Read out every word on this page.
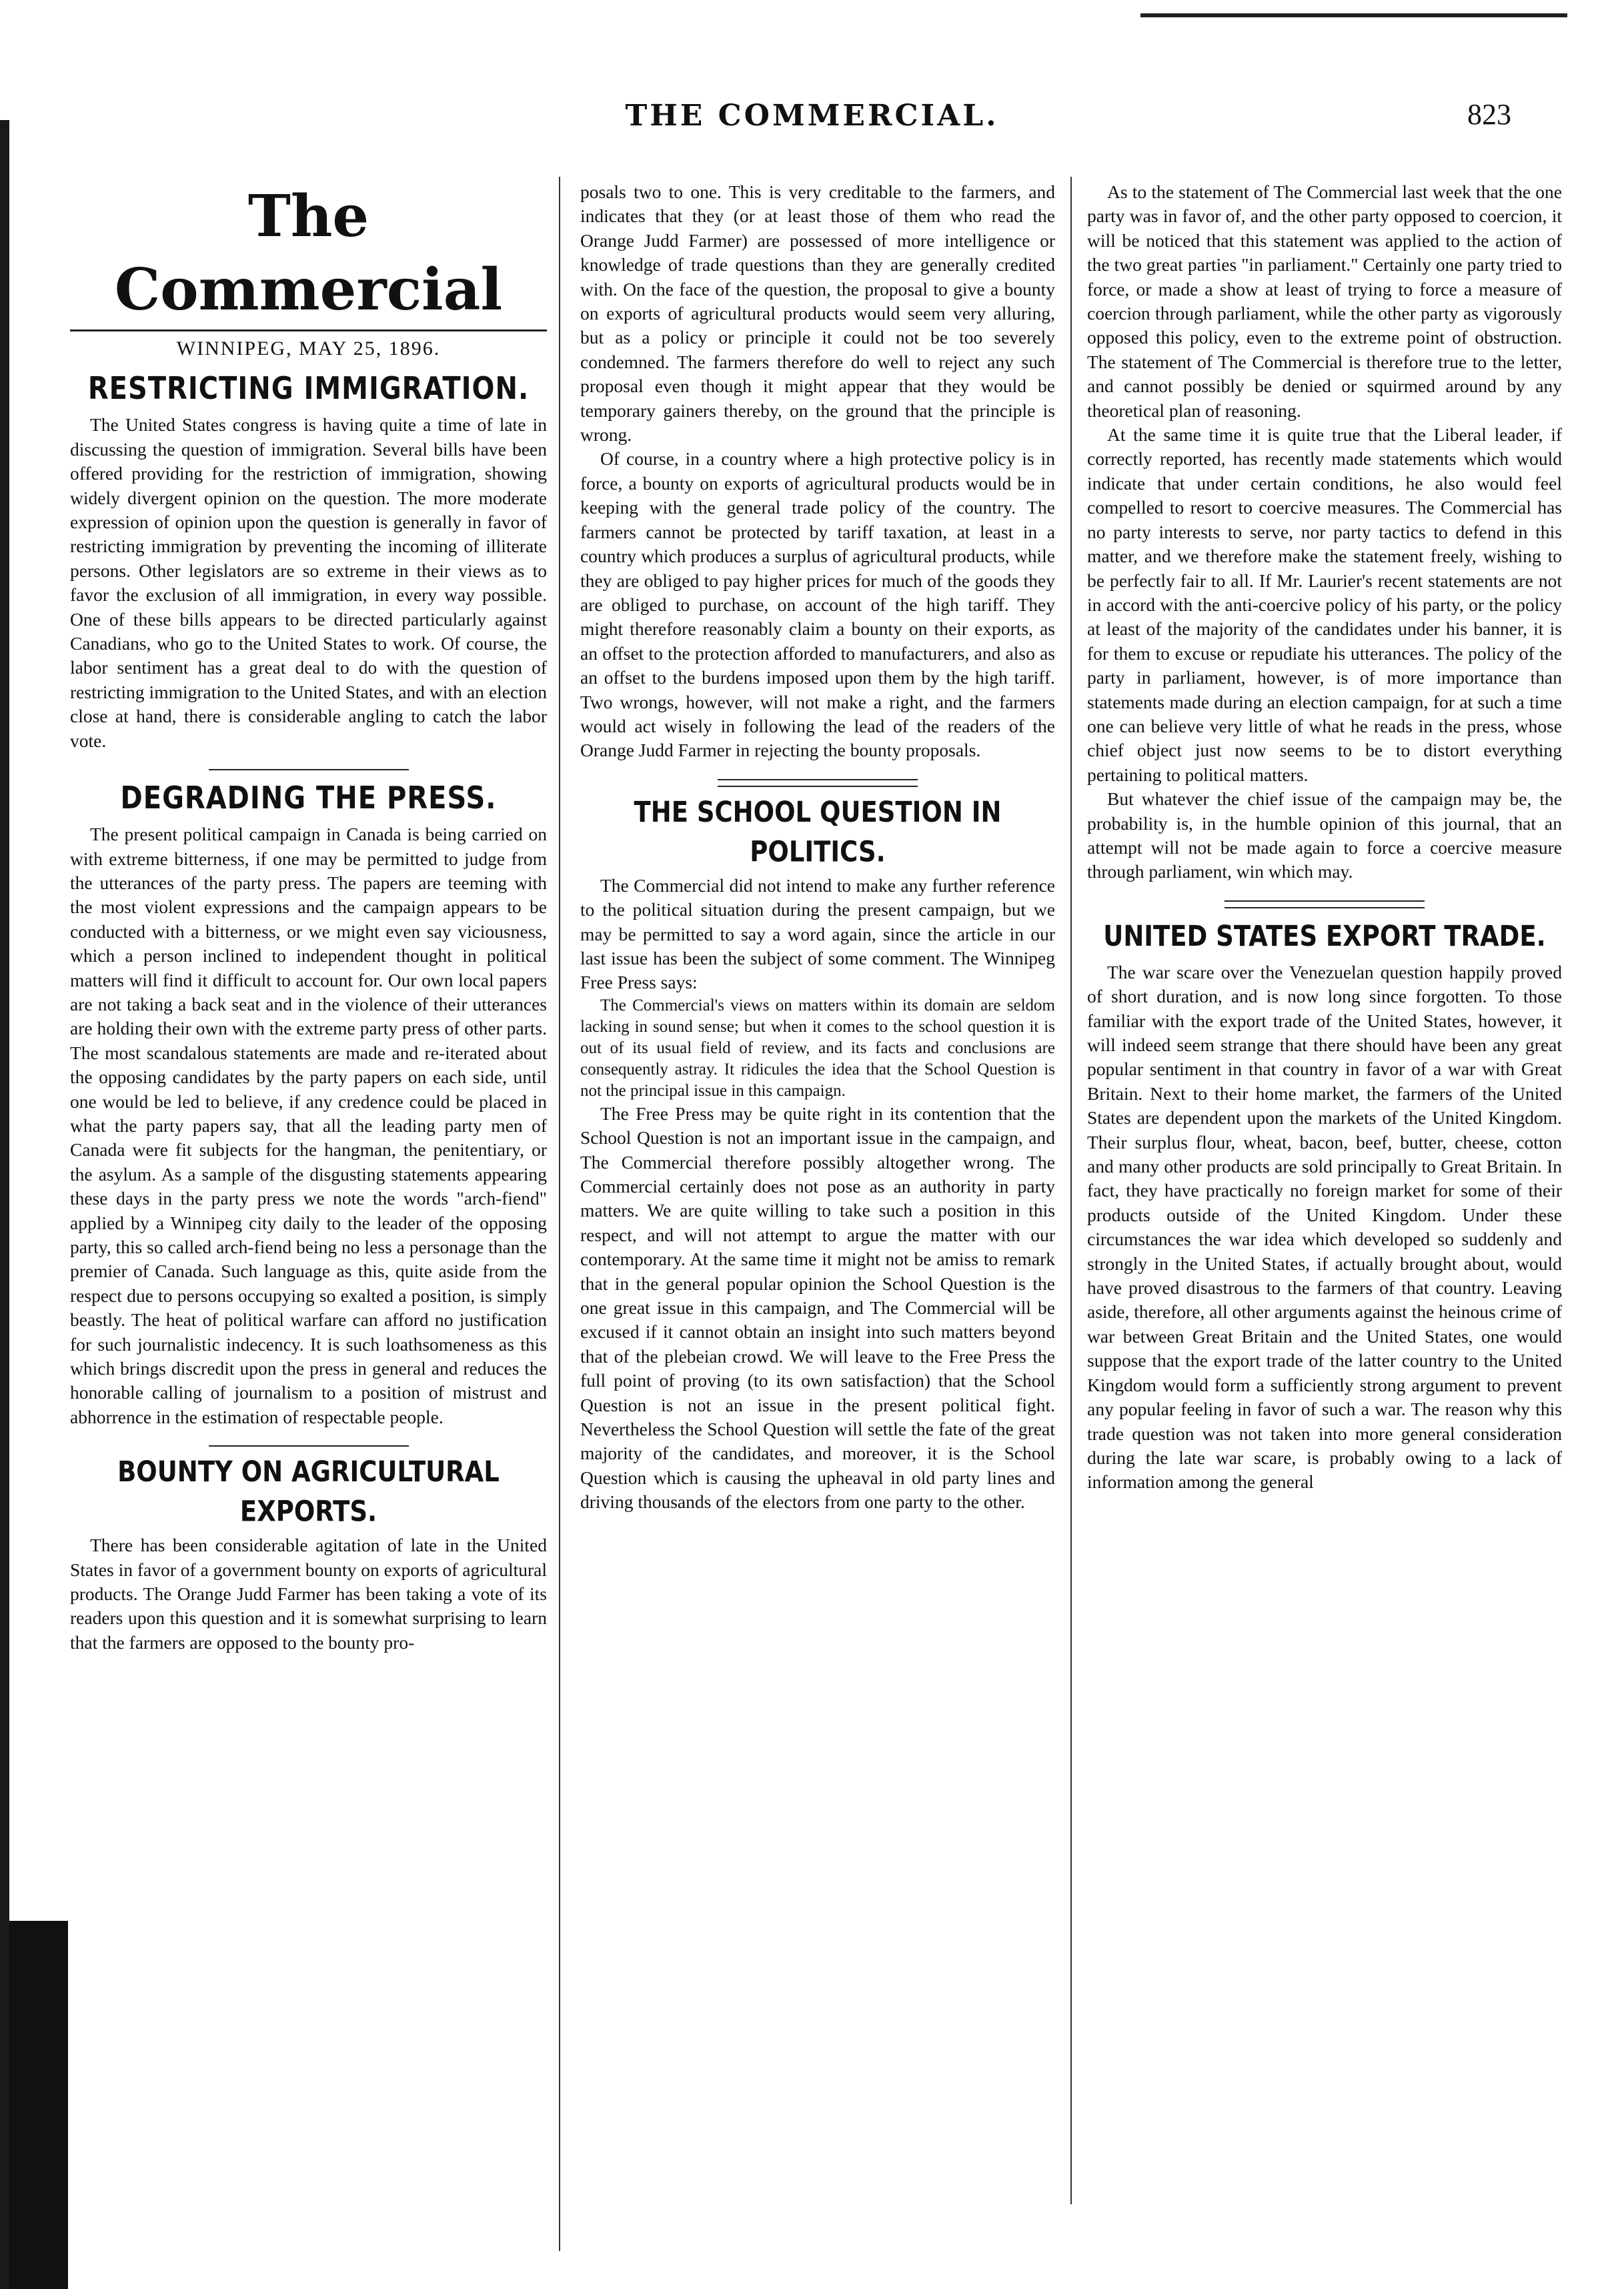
THE COMMERCIAL.	823
The Commercial
WINNIPEG, MAY 25, 1896.
RESTRICTING IMMIGRATION.

The United States congress is having quite a time of late in discussing the question of immigration. Several bills have been offered providing for the restriction of immigration, showing widely divergent opinion on the question. The more moderate expression of opinion upon the question is generally in favor of restricting immigration by preventing the incoming of illiterate persons. Other legislators are so extreme in their views as to favor the exclusion of all immigration, in every way possible. One of these bills appears to be directed particularly against Canadians, who go to the United States to work. Of course, the labor sentiment has a great deal to do with the question of restricting immigration to the United States, and with an election close at hand, there is considerable angling to catch the labor vote.

DEGRADING THE PRESS.

The present political campaign in Canada is being carried on with extreme bitterness, if one may be permitted to judge from the utterances of the party press. The papers are teeming with the most violent expressions and the campaign appears to be conducted with a bitterness, or we might even say viciousness, which a person inclined to independent thought in political matters will find it difficult to account for. Our own local papers are not taking a back seat and in the violence of their utterances are holding their own with the extreme party press of other parts. The most scandalous statements are made and re-iterated about the opposing candidates by the party papers on each side, until one would be led to believe, if any credence could be placed in what the party papers say, that all the leading party men of Canada were fit subjects for the hangman, the penitentiary, or the asylum. As a sample of the disgusting statements appearing these days in the party press we note the words "arch-fiend" applied by a Winnipeg city daily to the leader of the opposing party, this so called arch-fiend being no less a personage than the premier of Canada. Such language as this, quite aside from the respect due to persons occupying so exalted a position, is simply beastly. The heat of political warfare can afford no justification for such journalistic indecency. It is such loathsomeness as this which brings discredit upon the press in general and reduces the honorable calling of journalism to a position of mistrust and abhorrence in the estimation of respectable people.

BOUNTY ON AGRICULTURAL EXPORTS.

There has been considerable agitation of late in the United States in favor of a government bounty on exports of agricultural products. The Orange Judd Farmer has been taking a vote of its readers upon this question and it is somewhat surprising to learn that the farmers are opposed to the bounty pro-

posals two to one. This is very creditable to the farmers, and indicates that they (or at least those of them who read the Orange Judd Farmer) are possessed of more intelligence or knowledge of trade questions than they are generally credited with. On the face of the question, the proposal to give a bounty on exports of agricultural products would seem very alluring, but as a policy or principle it could not be too severely condemned. The farmers therefore do well to reject any such proposal even though it might appear that they would be temporary gainers thereby, on the ground that the principle is wrong.

Of course, in a country where a high protective policy is in force, a bounty on exports of agricultural products would be in keeping with the general trade policy of the country. The farmers cannot be protected by tariff taxation, at least in a country which produces a surplus of agricultural products, while they are obliged to pay higher prices for much of the goods they are obliged to purchase, on account of the high tariff. They might therefore reasonably claim a bounty on their exports, as an offset to the protection afforded to manufacturers, and also as an offset to the burdens imposed upon them by the high tariff. Two wrongs, however, will not make a right, and the farmers would act wisely in following the lead of the readers of the Orange Judd Farmer in rejecting the bounty proposals.

THE SCHOOL QUESTION IN POLITICS.

The Commercial did not intend to make any further reference to the political situation during the present campaign, but we may be permitted to say a word again, since the article in our last issue has been the subject of some comment. The Winnipeg Free Press says:

The Commercial's views on matters within its domain are seldom lacking in sound sense; but when it comes to the school question it is out of its usual field of review, and its facts and conclusions are consequently astray. It ridicules the idea that the School Question is not the principal issue in this campaign.

The Free Press may be quite right in its contention that the School Question is not an important issue in the campaign, and The Commercial therefore possibly altogether wrong. The Commercial certainly does not pose as an authority in party matters. We are quite willing to take such a position in this respect, and will not attempt to argue the matter with our contemporary. At the same time it might not be amiss to remark that in the general popular opinion the School Question is the one great issue in this campaign, and The Commercial will be excused if it cannot obtain an insight into such matters beyond that of the plebeian crowd. We will leave to the Free Press the full point of proving (to its own satisfaction) that the School Question is not an issue in the present political fight. Nevertheless the School Question will settle the fate of the great majority of the candidates, and moreover, it is the School Question which is causing the upheaval in old party lines and driving thousands of the electors from one party to the other.

As to the statement of The Commercial last week that the one party was in favor of, and the other party opposed to coercion, it will be noticed that this statement was applied to the action of the two great parties "in parliament." Certainly one party tried to force, or made a show at least of trying to force a measure of coercion through parliament, while the other party as vigorously opposed this policy, even to the extreme point of obstruction. The statement of The Commercial is therefore true to the letter, and cannot possibly be denied or squirmed around by any theoretical plan of reasoning.

At the same time it is quite true that the Liberal leader, if correctly reported, has recently made statements which would indicate that under certain conditions, he also would feel compelled to resort to coercive measures. The Commercial has no party interests to serve, nor party tactics to defend in this matter, and we therefore make the statement freely, wishing to be perfectly fair to all. If Mr. Laurier's recent statements are not in accord with the anti-coercive policy of his party, or the policy at least of the majority of the candidates under his banner, it is for them to excuse or repudiate his utterances. The policy of the party in parliament, however, is of more importance than statements made during an election campaign, for at such a time one can believe very little of what he reads in the press, whose chief object just now seems to be to distort everything pertaining to political matters.

But whatever the chief issue of the campaign may be, the probability is, in the humble opinion of this journal, that an attempt will not be made again to force a coercive measure through parliament, win which may.

UNITED STATES EXPORT TRADE.

The war scare over the Venezuelan question happily proved of short duration, and is now long since forgotten. To those familiar with the export trade of the United States, however, it will indeed seem strange that there should have been any great popular sentiment in that country in favor of a war with Great Britain. Next to their home market, the farmers of the United States are dependent upon the markets of the United Kingdom. Their surplus flour, wheat, bacon, beef, butter, cheese, cotton and many other products are sold principally to Great Britain. In fact, they have practically no foreign market for some of their products outside of the United Kingdom. Under these circumstances the war idea which developed so suddenly and strongly in the United States, if actually brought about, would have proved disastrous to the farmers of that country. Leaving aside, therefore, all other arguments against the heinous crime of war between Great Britain and the United States, one would suppose that the export trade of the latter country to the United Kingdom would form a sufficiently strong argument to prevent any popular feeling in favor of such a war. The reason why this trade question was not taken into more general consideration during the late war scare, is probably owing to a lack of information among the general
